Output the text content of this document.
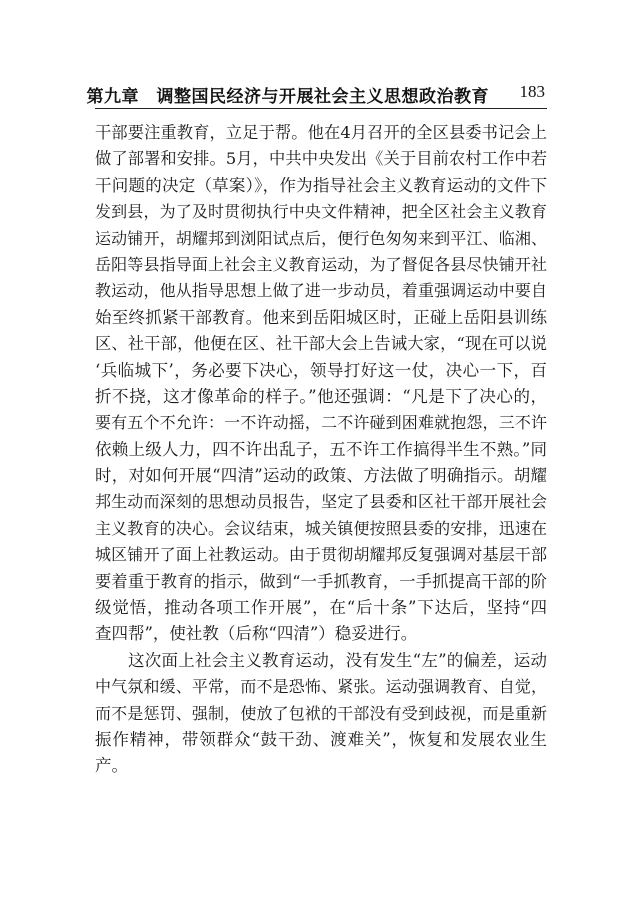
第九章　调整国民经济与开展社会主义思想政治教育 183
干部要注重教育，立足于帮。他在4月召开的全区县委书记会上
做了部署和安排。5月，中共中央发出《关于目前农村工作中若
干问题的决定（草案）》，作为指导社会主义教育运动的文件下
发到县，为了及时贯彻执行中央文件精神，把全区社会主义教育
运动铺开，胡耀邦到浏阳试点后，便行色匆匆来到平江、临湘、
岳阳等县指导面上社会主义教育运动，为了督促各县尽快铺开社
教运动，他从指导思想上做了进一步动员，着重强调运动中要自
始至终抓紧干部教育。他来到岳阳城区时，正碰上岳阳县训练
区、社干部，他便在区、社干部大会上告诫大家，“现在可以说
‘兵临城下’，务必要下决心，领导打好这一仗，决心一下，百
折不挠，这才像革命的样子。”他还强调：“凡是下了决心的，
要有五个不允许：一不许动摇，二不许碰到困难就抱怨，三不许
依赖上级人力，四不许出乱子，五不许工作搞得半生不熟。”同
时，对如何开展“四清”运动的政策、方法做了明确指示。胡耀
邦生动而深刻的思想动员报告，坚定了县委和区社干部开展社会
主义教育的决心。会议结束，城关镇便按照县委的安排，迅速在
城区铺开了面上社教运动。由于贯彻胡耀邦反复强调对基层干部
要着重于教育的指示，做到“一手抓教育，一手抓提高干部的阶
级觉悟，推动各项工作开展”，在“后十条”下达后，坚持“四
查四帮”，使社教（后称“四清”）稳妥进行。
这次面上社会主义教育运动，没有发生“左”的偏差，运动
中气氛和缓、平常，而不是恐怖、紧张。运动强调教育、自觉，
而不是惩罚、强制，使放了包袱的干部没有受到歧视，而是重新
振作精神，带领群众“鼓干劲、渡难关”，恢复和发展农业生
产。
